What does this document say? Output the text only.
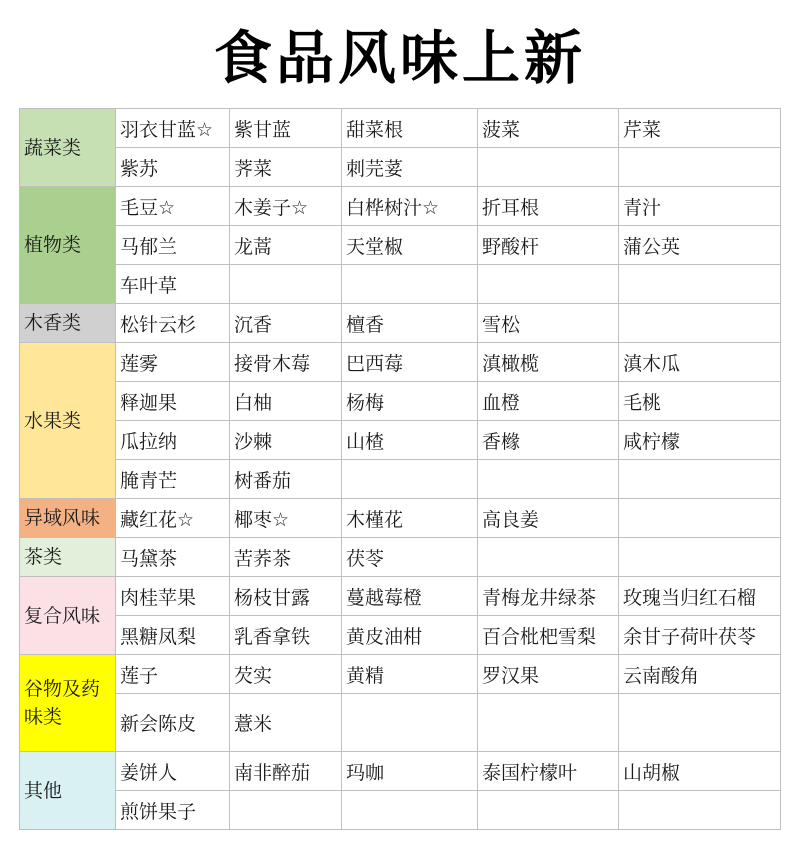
食品风味上新
蔬菜类	羽衣甘蓝☆	紫甘蓝	甜菜根	菠菜	芹菜
	紫苏	荠菜	刺芫荽		
植物类	毛豆☆	木姜子☆	白桦树汁☆	折耳根	青汁
	马郁兰	龙蒿	天堂椒	野酸杆	蒲公英
	车叶草				
木香类	松针云杉	沉香	檀香	雪松	
水果类	莲雾	接骨木莓	巴西莓	滇橄榄	滇木瓜
	释迦果	白柚	杨梅	血橙	毛桃
	瓜拉纳	沙棘	山楂	香橼	咸柠檬
	腌青芒	树番茄			
异域风味	藏红花☆	椰枣☆	木槿花	高良姜	
茶类	马黛茶	苦荞茶	茯苓		
复合风味	肉桂苹果	杨枝甘露	蔓越莓橙	青梅龙井绿茶	玫瑰当归红石榴
	黑糖凤梨	乳香拿铁	黄皮油柑	百合枇杷雪梨	余甘子荷叶茯苓
谷物及药味类	莲子	芡实	黄精	罗汉果	云南酸角
	新会陈皮	薏米			
其他	姜饼人	南非醉茄	玛咖	泰国柠檬叶	山胡椒
	煎饼果子				
